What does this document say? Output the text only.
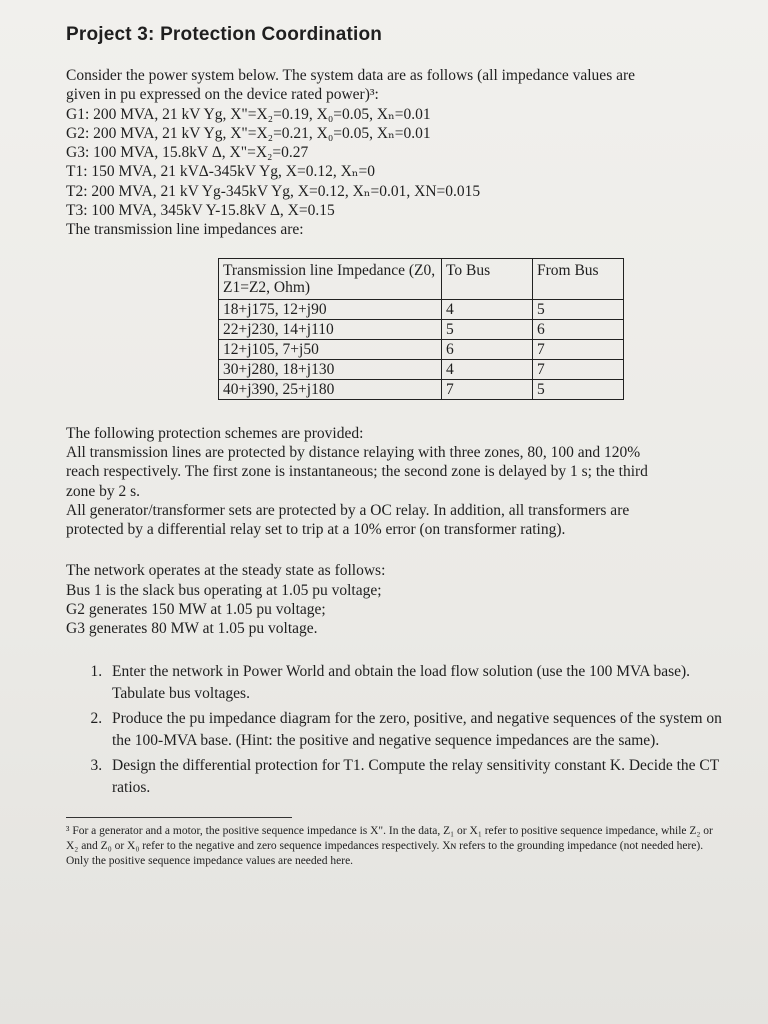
Project 3: Protection Coordination

Consider the power system below. The system data are as follows (all impedance values are

given in pu expressed on the device rated power)³:

G1: 200 MVA, 21 kV Yg, X"=X₂=0.19, X₀=0.05, Xₙ=0.01

G2: 200 MVA, 21 kV Yg, X"=X₂=0.21, X₀=0.05, Xₙ=0.01

G3: 100 MVA, 15.8kV Δ, X"=X₂=0.27

T1: 150 MVA, 21 kVΔ-345kV Yg, X=0.12, Xₙ=0

T2: 200 MVA, 21 kV Yg-345kV Yg, X=0.12, Xₙ=0.01, XN=0.015

T3: 100 MVA, 345kV Y-15.8kV Δ, X=0.15

The transmission line impedances are:

Transmission line Impedance (Z0, Z1=Z2, Ohm)	To Bus	From Bus
18+j175, 12+j90	4	5
22+j230, 14+j110	5	6
12+j105, 7+j50	6	7
30+j280, 18+j130	4	7
40+j390, 25+j180	7	5

The following protection schemes are provided:

All transmission lines are protected by distance relaying with three zones, 80, 100 and 120%

reach respectively. The first zone is instantaneous; the second zone is delayed by 1 s; the third

zone by 2 s.

All generator/transformer sets are protected by a OC relay. In addition, all transformers are

protected by a differential relay set to trip at a 10% error (on transformer rating).

The network operates at the steady state as follows:

Bus 1 is the slack bus operating at 1.05 pu voltage;

G2 generates 150 MW at 1.05 pu voltage;

G3 generates 80 MW at 1.05 pu voltage.

1. Enter the network in Power World and obtain the load flow solution (use the 100 MVA base). Tabulate bus voltages.
2. Produce the pu impedance diagram for the zero, positive, and negative sequences of the system on the 100-MVA base. (Hint: the positive and negative sequence impedances are the same).
3. Design the differential protection for T1. Compute the relay sensitivity constant K. Decide the CT ratios.

³ For a generator and a motor, the positive sequence impedance is X". In the data, Z₁ or X₁ refer to positive sequence impedance, while Z₂ or X₂ and Z₀ or X₀ refer to the negative and zero sequence impedances respectively. Xɴ refers to the grounding impedance (not needed here). Only the positive sequence impedance values are needed here.
